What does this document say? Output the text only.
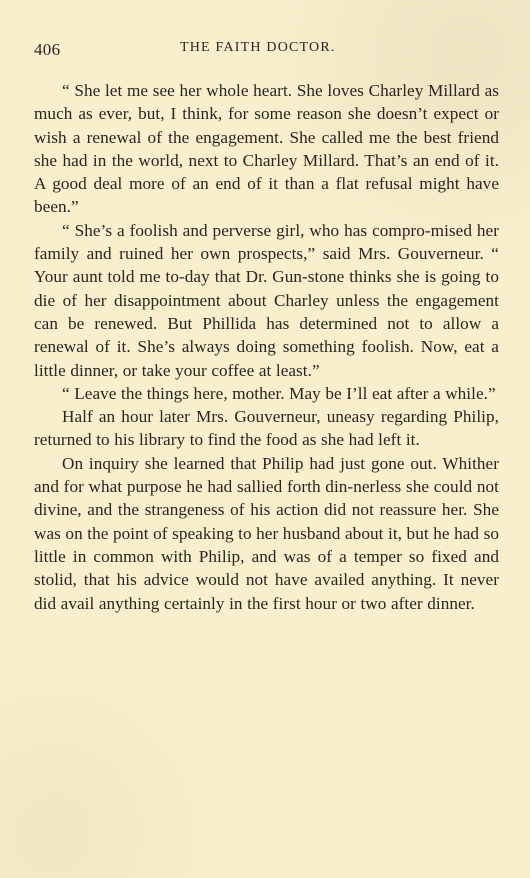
406	THE FAITH DOCTOR.

“ She let me see her whole heart. She loves Charley Millard as much as ever, but, I think, for some reason she doesn’t expect or wish a renewal of the engagement. She called me the best friend she had in the world, next to Charley Millard. That’s an end of it. A good deal more of an end of it than a flat refusal might have been.”

“ She’s a foolish and perverse girl, who has compro-mised her family and ruined her own prospects,” said Mrs. Gouverneur. “ Your aunt told me to-day that Dr. Gun-stone thinks she is going to die of her disappointment about Charley unless the engagement can be renewed. But Phillida has determined not to allow a renewal of it. She’s always doing something foolish. Now, eat a little dinner, or take your coffee at least.”

“ Leave the things here, mother. May be I’ll eat after a while.”

Half an hour later Mrs. Gouverneur, uneasy regarding Philip, returned to his library to find the food as she had left it.

On inquiry she learned that Philip had just gone out. Whither and for what purpose he had sallied forth din-nerless she could not divine, and the strangeness of his action did not reassure her. She was on the point of speaking to her husband about it, but he had so little in common with Philip, and was of a temper so fixed and stolid, that his advice would not have availed anything. It never did avail anything certainly in the first hour or two after dinner.
